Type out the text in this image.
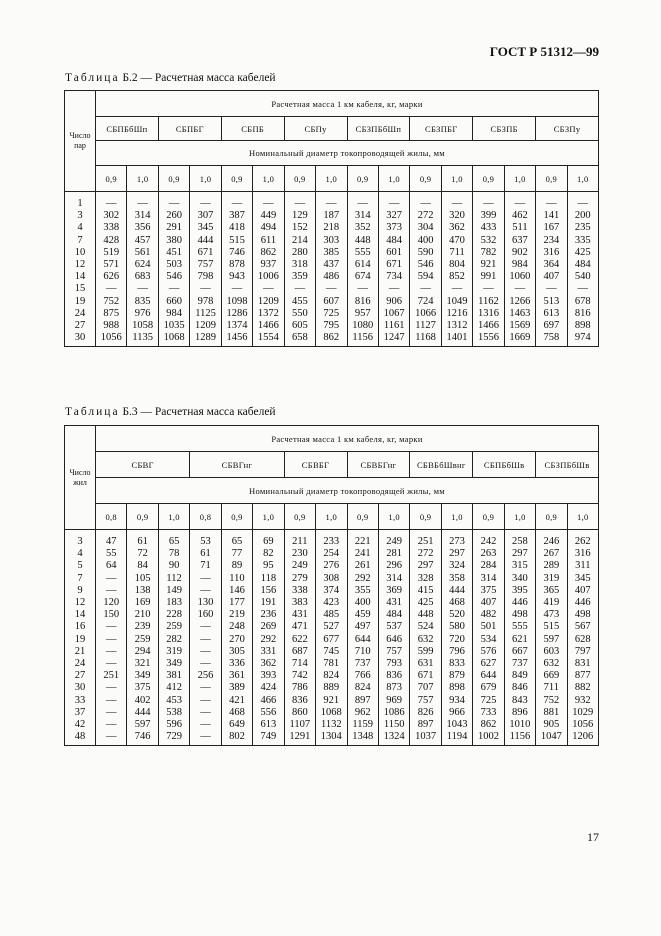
ГОСТ Р 51312—99
Таблица Б.2 — Расчетная масса кабелей
Число пар	Расчетная масса 1 км кабеля, кг, марки															
	СБПБбШп		СБПБГ		СБПБ		СБПу		СБЗПБбШп		СБЗПБГ		СБЗПБ		СБЗПу	
	Номинальный диаметр токопроводящей жилы, мм															
	0,9	1,0	0,9	1,0	0,9	1,0	0,9	1,0	0,9	1,0	0,9	1,0	0,9	1,0	0,9	1,0
1	—	—	—	—	—	—	—	—	—	—	—	—	—	—	—	—
3	302	314	260	307	387	449	129	187	314	327	272	320	399	462	141	200
4	338	356	291	345	418	494	152	218	352	373	304	362	433	511	167	235
7	428	457	380	444	515	611	214	303	448	484	400	470	532	637	234	335
10	519	561	451	671	746	862	280	385	555	601	590	711	782	902	316	425
12	571	624	503	757	878	937	318	437	614	671	546	804	921	984	364	484
14	626	683	546	798	943	1006	359	486	674	734	594	852	991	1060	407	540
15	—	—	—	—	—	—	—	—	—	—	—	—	—	—	—	—
19	752	835	660	978	1098	1209	455	607	816	906	724	1049	1162	1266	513	678
24	875	976	984	1125	1286	1372	550	725	957	1067	1066	1216	1316	1463	613	816
27	988	1058	1035	1209	1374	1466	605	795	1080	1161	1127	1312	1466	1569	697	898
30	1056	1135	1068	1289	1456	1554	658	862	1156	1247	1168	1401	1556	1669	758	974
Таблица Б.3 — Расчетная масса кабелей
Число жил	Расчетная масса 1 км кабеля, кг, марки															
	СБВГ			СБВГнг			СБВБГ		СБВБГнг		СБВБбШвнг		СБПБбШв		СБЗПБбШв	
	Номинальный диаметр токопроводящей жилы, мм															
	0,8	0,9	1,0	0,8	0,9	1,0	0,9	1,0	0,9	1,0	0,9	1,0	0,9	1,0	0,9	1,0
3	47	61	65	53	65	69	211	233	221	249	251	273	242	258	246	262
4	55	72	78	61	77	82	230	254	241	281	272	297	263	297	267	316
5	64	84	90	71	89	95	249	276	261	296	297	324	284	315	289	311
7	—	105	112	—	110	118	279	308	292	314	328	358	314	340	319	345
9	—	138	149	—	146	156	338	374	355	369	415	444	375	395	365	407
12	120	169	183	130	177	191	383	423	400	431	425	468	407	446	419	446
14	150	210	228	160	219	236	431	485	459	484	448	520	482	498	473	498
16	—	239	259	—	248	269	471	527	497	537	524	580	501	555	515	567
19	—	259	282	—	270	292	622	677	644	646	632	720	534	621	597	628
21	—	294	319	—	305	331	687	745	710	757	599	796	576	667	603	797
24	—	321	349	—	336	362	714	781	737	793	631	833	627	737	632	831
27	251	349	381	256	361	393	742	824	766	836	671	879	644	849	669	877
30	—	375	412	—	389	424	786	889	824	873	707	898	679	846	711	882
33	—	402	453	—	421	466	836	921	897	969	757	934	725	843	752	932
37	—	444	538	—	468	556	860	1068	962	1086	826	966	733	896	881	1029
42	—	597	596	—	649	613	1107	1132	1159	1150	897	1043	862	1010	905	1056
48	—	746	729	—	802	749	1291	1304	1348	1324	1037	1194	1002	1156	1047	1206
17
